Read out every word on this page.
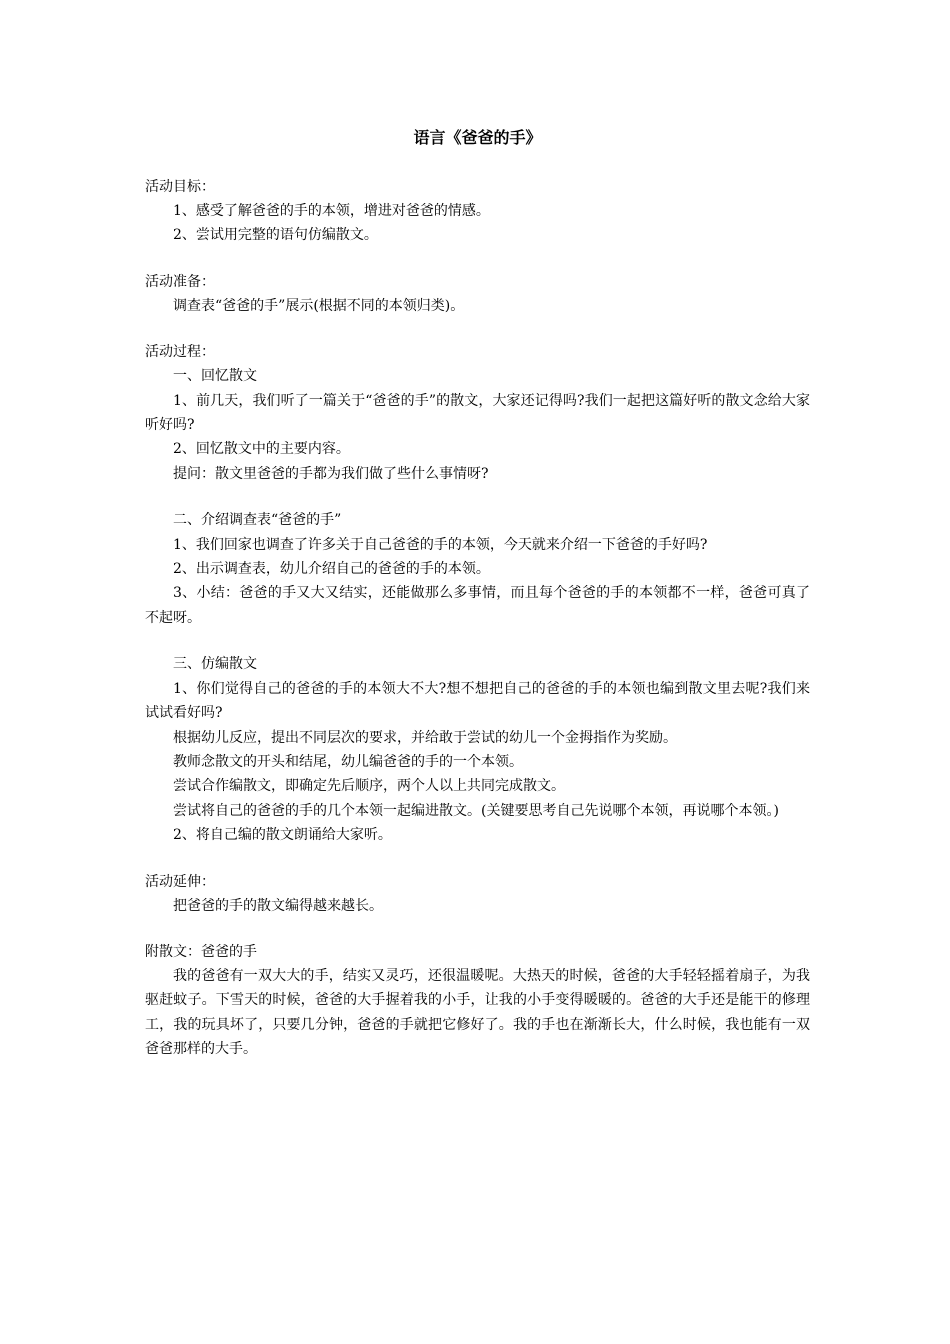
语言《爸爸的手》

活动目标：

1、感受了解爸爸的手的本领，增进对爸爸的情感。

2、尝试用完整的语句仿编散文。

活动准备：

调查表“爸爸的手”展示(根据不同的本领归类)。

活动过程：

一、回忆散文

1、前几天，我们听了一篇关于“爸爸的手”的散文，大家还记得吗?我们一起把这篇好听的散文念给大家听好吗?

2、回忆散文中的主要内容。

提问：散文里爸爸的手都为我们做了些什么事情呀?

二、介绍调查表“爸爸的手”

1、我们回家也调查了许多关于自己爸爸的手的本领，今天就来介绍一下爸爸的手好吗?

2、出示调查表，幼儿介绍自己的爸爸的手的本领。

3、小结：爸爸的手又大又结实，还能做那么多事情，而且每个爸爸的手的本领都不一样，爸爸可真了不起呀。

三、仿编散文

1、你们觉得自己的爸爸的手的本领大不大?想不想把自己的爸爸的手的本领也编到散文里去呢?我们来试试看好吗?

根据幼儿反应，提出不同层次的要求，并给敢于尝试的幼儿一个金拇指作为奖励。

教师念散文的开头和结尾，幼儿编爸爸的手的一个本领。

尝试合作编散文，即确定先后顺序，两个人以上共同完成散文。

尝试将自己的爸爸的手的几个本领一起编进散文。(关键要思考自己先说哪个本领，再说哪个本领。)

2、将自己编的散文朗诵给大家听。

活动延伸：

把爸爸的手的散文编得越来越长。

附散文：爸爸的手

我的爸爸有一双大大的手，结实又灵巧，还很温暖呢。大热天的时候，爸爸的大手轻轻摇着扇子，为我驱赶蚊子。下雪天的时候，爸爸的大手握着我的小手，让我的小手变得暖暖的。爸爸的大手还是能干的修理工，我的玩具坏了，只要几分钟，爸爸的手就把它修好了。我的手也在渐渐长大，什么时候，我也能有一双爸爸那样的大手。
